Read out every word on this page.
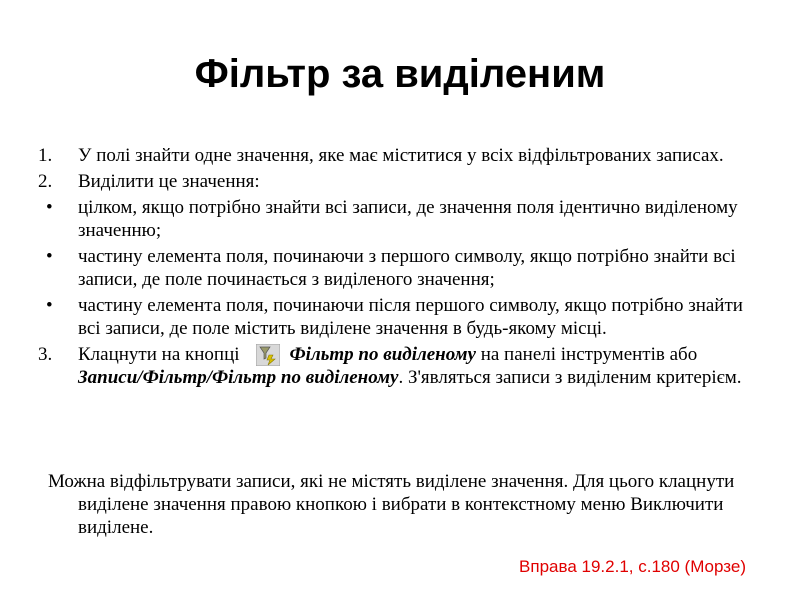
Фільтр за виділеним
1. У полі знайти одне значення, яке має міститися у всіх відфільтрованих записах.
2. Виділити це значення:
• цілком, якщо потрібно знайти всі записи, де значення поля ідентично виділеному значенню;
• частину елемента поля, починаючи з першого символу, якщо потрібно знайти всі записи, де поле починається з виділеного значення;
• частину елемента поля, починаючи після першого символу, якщо потрібно знайти всі записи, де поле містить виділене значення в будь-якому місці.
3. Клацнути на кнопці	Фільтр по виділеному на панелі інструментів або Записи/Фільтр/Фільтр по виділеному. З'являться записи з виділеним критерієм.
Можна відфільтрувати записи, які не містять виділене значення. Для цього клацнути виділене значення правою кнопкою і вибрати в контекстному меню Виключити виділене.
Вправа 19.2.1, с.180 (Морзе)
